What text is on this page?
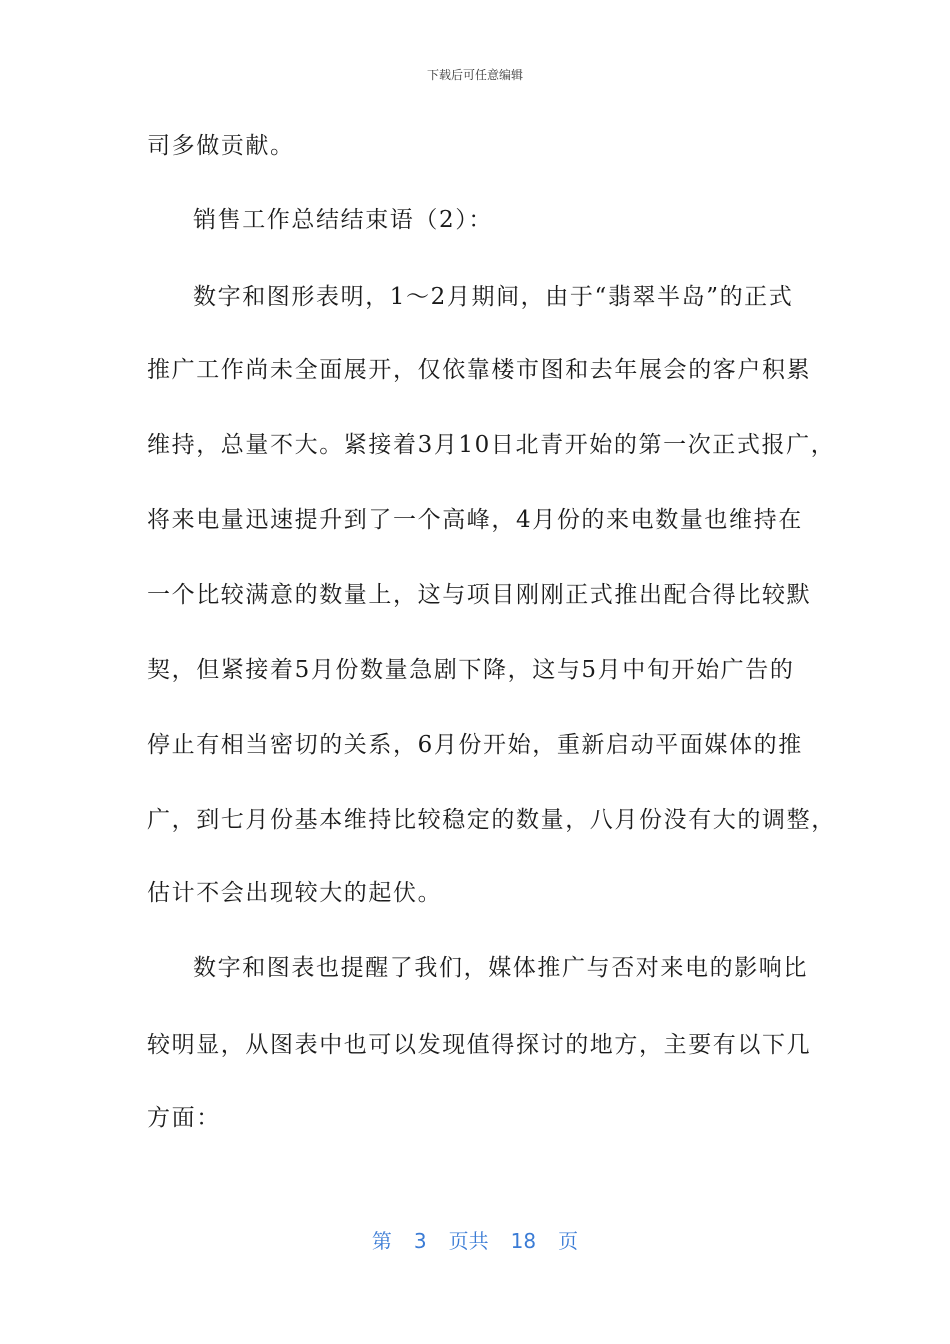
下载后可任意编辑
司多做贡献。
销售工作总结结束语（2）：
数字和图形表明，1～2月期间，由于“翡翠半岛”的正式
推广工作尚未全面展开，仅依靠楼市图和去年展会的客户积累
维持，总量不大。紧接着3月10日北青开始的第一次正式报广，
将来电量迅速提升到了一个高峰，4月份的来电数量也维持在
一个比较满意的数量上，这与项目刚刚正式推出配合得比较默
契，但紧接着5月份数量急剧下降，这与5月中旬开始广告的
停止有相当密切的关系，6月份开始，重新启动平面媒体的推
广，到七月份基本维持比较稳定的数量，八月份没有大的调整，
估计不会出现较大的起伏。
数字和图表也提醒了我们，媒体推广与否对来电的影响比
较明显，从图表中也可以发现值得探讨的地方，主要有以下几
方面：
第 3 页共 18 页
